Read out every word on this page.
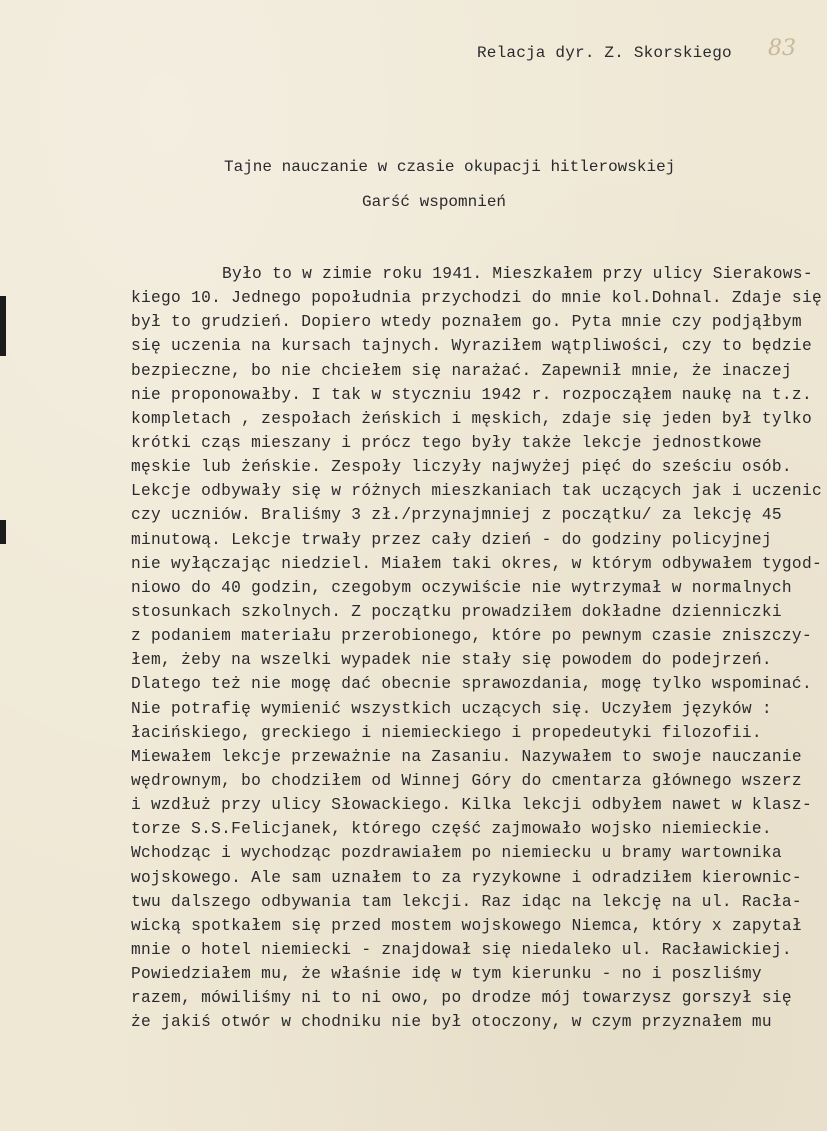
Relacja dyr. Z. Skorskiego 83
Tajne nauczanie w czasie okupacji hitlerowskiej
Garść wspomnień
Było to w zimie roku 1941. Mieszkałem przy ulicy Sierakows-
kiego 10. Jednego popołudnia przychodzi do mnie kol.Dohnal. Zdaje się
był to grudzień. Dopiero wtedy poznałem go. Pyta mnie czy podjąłbym
się uczenia na kursach tajnych. Wyraziłem wątpliwości, czy to będzie
bezpieczne, bo nie chciełem się narażać. Zapewnił mnie, że inaczej
nie proponowałby. I tak w styczniu 1942 r. rozpocząłem naukę na t.z.
kompletach , zespołach żeńskich i męskich, zdaje się jeden był tylko
krótki cząs mieszany i prócz tego były także lekcje jednostkowe
męskie lub żeńskie. Zespoły liczyły najwyżej pięć do sześciu osób.
Lekcje odbywały się w różnych mieszkaniach tak uczących jak i uczenic
czy uczniów. Braliśmy 3 zł./przynajmniej z początku/ za lekcję 45
minutową. Lekcje trwały przez cały dzień - do godziny policyjnej
nie wyłączając niedziel. Miałem taki okres, w którym odbywałem tygod-
niowo do 40 godzin, czegobym oczywiście nie wytrzymał w normalnych
stosunkach szkolnych. Z początku prowadziłem dokładne dzienniczki
z podaniem materiału przerobionego, które po pewnym czasie zniszczy-
łem, żeby na wszelki wypadek nie stały się powodem do podejrzeń.
Dlatego też nie mogę dać obecnie sprawozdania, mogę tylko wspominać.
Nie potrafię wymienić wszystkich uczących się. Uczyłem języków :
łacińskiego, greckiego i niemieckiego i propedeutyki filozofii.
Miewałem lekcje przeważnie na Zasaniu. Nazywałem to swoje nauczanie
wędrownym, bo chodziłem od Winnej Góry do cmentarza głównego wszerz
i wzdłuż przy ulicy Słowackiego. Kilka lekcji odbyłem nawet w klasz-
torze S.S.Felicjanek, którego część zajmowało wojsko niemieckie.
Wchodząc i wychodząc pozdrawiałem po niemiecku u bramy wartownika
wojskowego. Ale sam uznałem to za ryzykowne i odradziłem kierownic-
twu dalszego odbywania tam lekcji. Raz idąc na lekcję na ul. Racła-
wicką spotkałem się przed mostem wojskowego Niemca, który x zapytał
mnie o hotel niemiecki - znajdował się niedaleko ul. Racławickiej.
Powiedziałem mu, że właśnie idę w tym kierunku - no i poszliśmy
razem, mówiliśmy ni to ni owo, po drodze mój towarzysz gorszył się
że jakiś otwór w chodniku nie był otoczony, w czym przyznałem mu
